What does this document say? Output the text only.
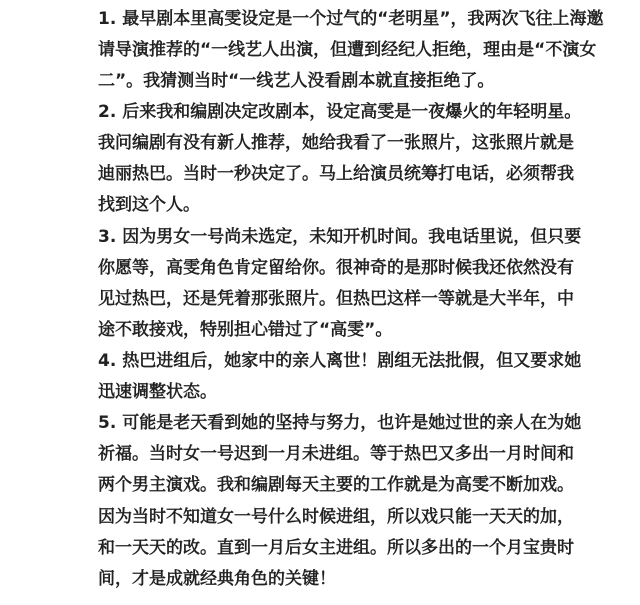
1. 最早剧本里高雯设定是一个过气的“老明星”，我两次飞往上海邀
请导演推荐的“一线艺人出演，但遭到经纪人拒绝，理由是“不演女
二”。我猜测当时“一线艺人没看剧本就直接拒绝了。
2. 后来我和编剧决定改剧本，设定高雯是一夜爆火的年轻明星。
我问编剧有没有新人推荐，她给我看了一张照片，这张照片就是
迪丽热巴。当时一秒决定了。马上给演员统筹打电话，必须帮我
找到这个人。
3. 因为男女一号尚未选定，未知开机时间。我电话里说，但只要
你愿等，高雯角色肯定留给你。很神奇的是那时候我还依然没有
见过热巴，还是凭着那张照片。但热巴这样一等就是大半年，中
途不敢接戏，特别担心错过了“高雯”。
4. 热巴进组后，她家中的亲人离世！剧组无法批假，但又要求她
迅速调整状态。
5. 可能是老天看到她的坚持与努力，也许是她过世的亲人在为她
祈福。当时女一号迟到一月未进组。等于热巴又多出一月时间和
两个男主演戏。我和编剧每天主要的工作就是为高雯不断加戏。
因为当时不知道女一号什么时候进组，所以戏只能一天天的加，
和一天天的改。直到一月后女主进组。所以多出的一个月宝贵时
间，才是成就经典角色的关键！
